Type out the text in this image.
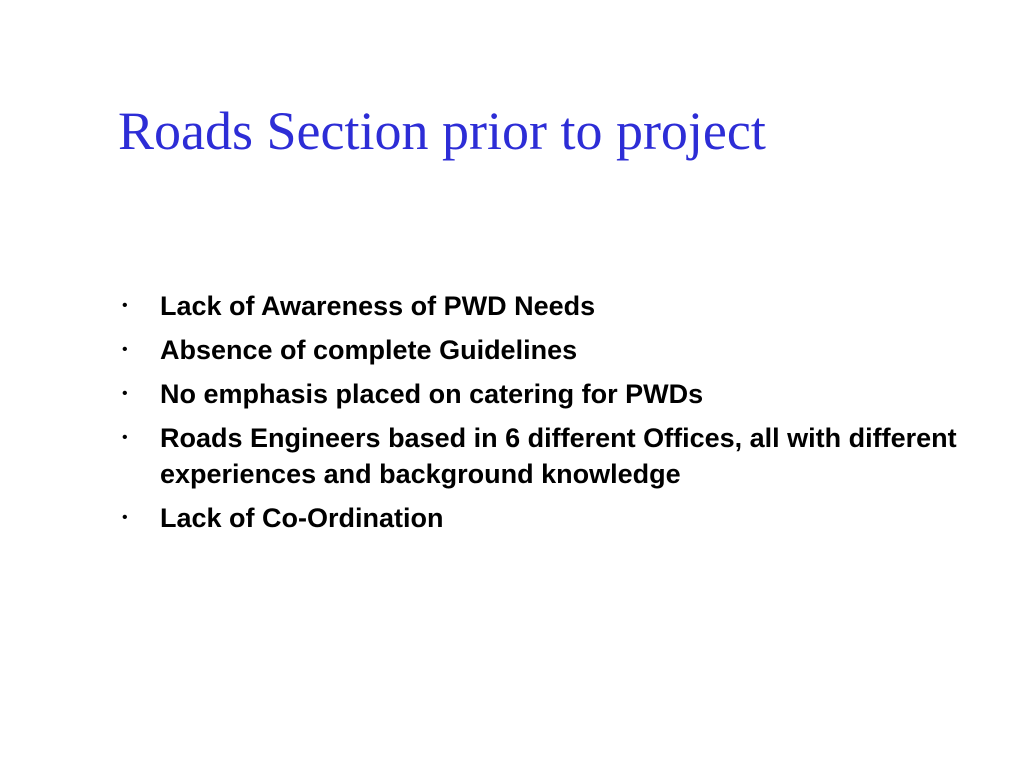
Roads Section prior to project
•	Lack of Awareness of PWD Needs
•	Absence of complete Guidelines
•	No emphasis placed on catering for PWDs
•	Roads Engineers based in 6 different Offices, all with different experiences and background knowledge
•	Lack of Co-Ordination
